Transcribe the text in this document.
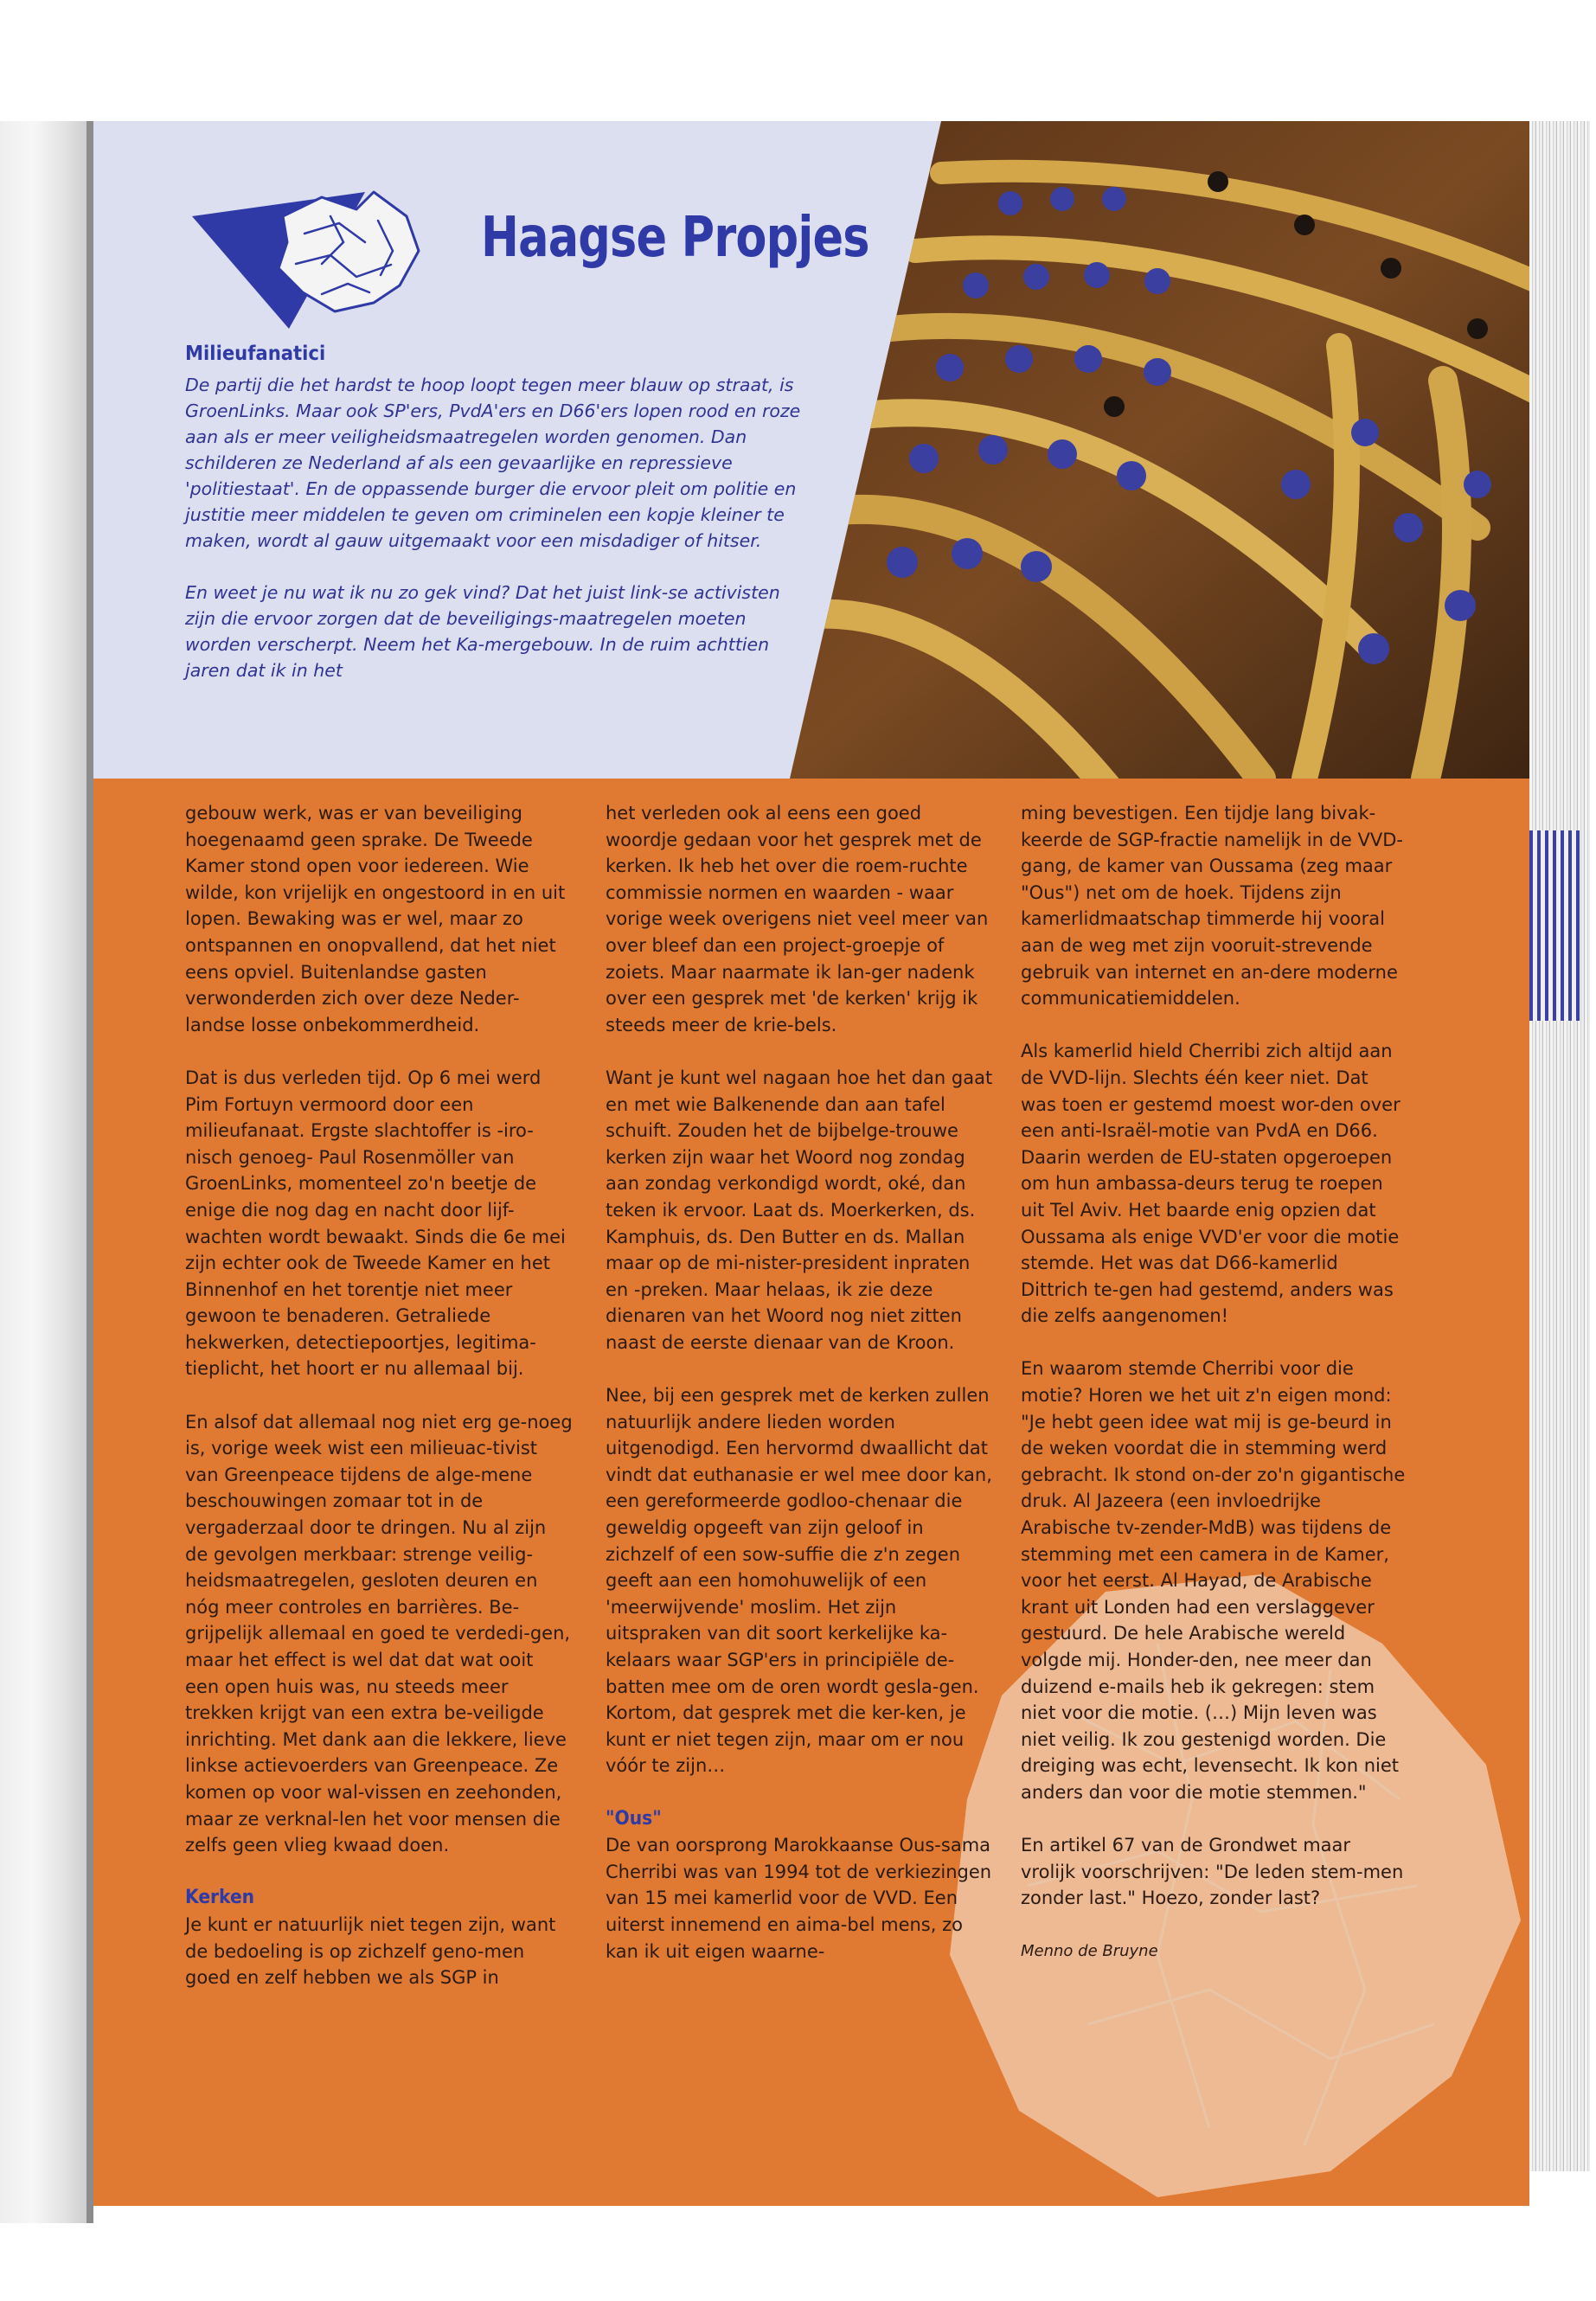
Haagse Propjes
Milieufanatici

De partij die het hardst te hoop loopt tegen meer blauw op straat, is GroenLinks. Maar ook SP'ers, PvdA'ers en D66'ers lopen rood en roze aan als er meer veiligheidsmaatregelen worden genomen. Dan schilderen ze Nederland af als een gevaarlijke en repressieve 'politiestaat'. En de oppassende burger die ervoor pleit om politie en justitie meer middelen te geven om criminelen een kopje kleiner te maken, wordt al gauw uitgemaakt voor een misdadiger of hitser.

En weet je nu wat ik nu zo gek vind? Dat het juist link-se activisten zijn die ervoor zorgen dat de beveiligings-maatregelen moeten worden verscherpt. Neem het Ka-mergebouw. In de ruim achttien jaren dat ik in het

gebouw werk, was er van beveiliging hoegenaamd geen sprake. De Tweede Kamer stond open voor iedereen. Wie wilde, kon vrijelijk en ongestoord in en uit lopen. Bewaking was er wel, maar zo ontspannen en onopvallend, dat het niet eens opviel. Buitenlandse gasten verwonderden zich over deze Neder-landse losse onbekommerdheid.

Dat is dus verleden tijd. Op 6 mei werd Pim Fortuyn vermoord door een milieufanaat. Ergste slachtoffer is -iro-nisch genoeg- Paul Rosenmöller van GroenLinks, momenteel zo'n beetje de enige die nog dag en nacht door lijf-wachten wordt bewaakt. Sinds die 6e mei zijn echter ook de Tweede Kamer en het Binnenhof en het torentje niet meer gewoon te benaderen. Getraliede hekwerken, detectiepoortjes, legitima-tieplicht, het hoort er nu allemaal bij.

En alsof dat allemaal nog niet erg ge-noeg is, vorige week wist een milieuac-tivist van Greenpeace tijdens de alge-mene beschouwingen zomaar tot in de vergaderzaal door te dringen. Nu al zijn de gevolgen merkbaar: strenge veilig-heidsmaatregelen, gesloten deuren en nóg meer controles en barrières. Be-grijpelijk allemaal en goed te verdedi-gen, maar het effect is wel dat dat wat ooit een open huis was, nu steeds meer trekken krijgt van een extra be-veiligde inrichting. Met dank aan die lekkere, lieve linkse actievoerders van Greenpeace. Ze komen op voor wal-vissen en zeehonden, maar ze verknal-len het voor mensen die zelfs geen vlieg kwaad doen.

Kerken

Je kunt er natuurlijk niet tegen zijn, want de bedoeling is op zichzelf geno-men goed en zelf hebben we als SGP in

het verleden ook al eens een goed woordje gedaan voor het gesprek met de kerken. Ik heb het over die roem-ruchte commissie normen en waarden - waar vorige week overigens niet veel meer van over bleef dan een project-groepje of zoiets. Maar naarmate ik lan-ger nadenk over een gesprek met 'de kerken' krijg ik steeds meer de krie-bels.

Want je kunt wel nagaan hoe het dan gaat en met wie Balkenende dan aan tafel schuift. Zouden het de bijbelge-trouwe kerken zijn waar het Woord nog zondag aan zondag verkondigd wordt, oké, dan teken ik ervoor. Laat ds. Moerkerken, ds. Kamphuis, ds. Den Butter en ds. Mallan maar op de mi-nister-president inpraten en -preken. Maar helaas, ik zie deze dienaren van het Woord nog niet zitten naast de eerste dienaar van de Kroon.

Nee, bij een gesprek met de kerken zullen natuurlijk andere lieden worden uitgenodigd. Een hervormd dwaallicht dat vindt dat euthanasie er wel mee door kan, een gereformeerde godloo-chenaar die geweldig opgeeft van zijn geloof in zichzelf of een sow-suffie die z'n zegen geeft aan een homohuwelijk of een 'meerwijvende' moslim. Het zijn uitspraken van dit soort kerkelijke ka-kelaars waar SGP'ers in principiële de-batten mee om de oren wordt gesla-gen. Kortom, dat gesprek met die ker-ken, je kunt er niet tegen zijn, maar om er nou vóór te zijn…

"Ous"

De van oorsprong Marokkaanse Ous-sama Cherribi was van 1994 tot de verkiezingen van 15 mei kamerlid voor de VVD. Een uiterst innemend en aima-bel mens, zo kan ik uit eigen waarne-

ming bevestigen. Een tijdje lang bivak-keerde de SGP-fractie namelijk in de VVD-gang, de kamer van Oussama (zeg maar "Ous") net om de hoek. Tijdens zijn kamerlidmaatschap timmerde hij vooral aan de weg met zijn vooruit-strevende gebruik van internet en an-dere moderne communicatiemiddelen.

Als kamerlid hield Cherribi zich altijd aan de VVD-lijn. Slechts één keer niet. Dat was toen er gestemd moest wor-den over een anti-Israël-motie van PvdA en D66. Daarin werden de EU-staten opgeroepen om hun ambassa-deurs terug te roepen uit Tel Aviv. Het baarde enig opzien dat Oussama als enige VVD'er voor die motie stemde. Het was dat D66-kamerlid Dittrich te-gen had gestemd, anders was die zelfs aangenomen!

En waarom stemde Cherribi voor die motie? Horen we het uit z'n eigen mond: "Je hebt geen idee wat mij is ge-beurd in de weken voordat die in stemming werd gebracht. Ik stond on-der zo'n gigantische druk. Al Jazeera (een invloedrijke Arabische tv-zender-MdB) was tijdens de stemming met een camera in de Kamer, voor het eerst. Al Hayad, de Arabische krant uit Londen had een verslaggever gestuurd. De hele Arabische wereld volgde mij. Honder-den, nee meer dan duizend e-mails heb ik gekregen: stem niet voor die motie. (…) Mijn leven was niet veilig. Ik zou gestenigd worden. Die dreiging was echt, levensecht. Ik kon niet anders dan voor die motie stemmen."

En artikel 67 van de Grondwet maar vrolijk voorschrijven: "De leden stem-men zonder last." Hoezo, zonder last?

Menno de Bruyne
